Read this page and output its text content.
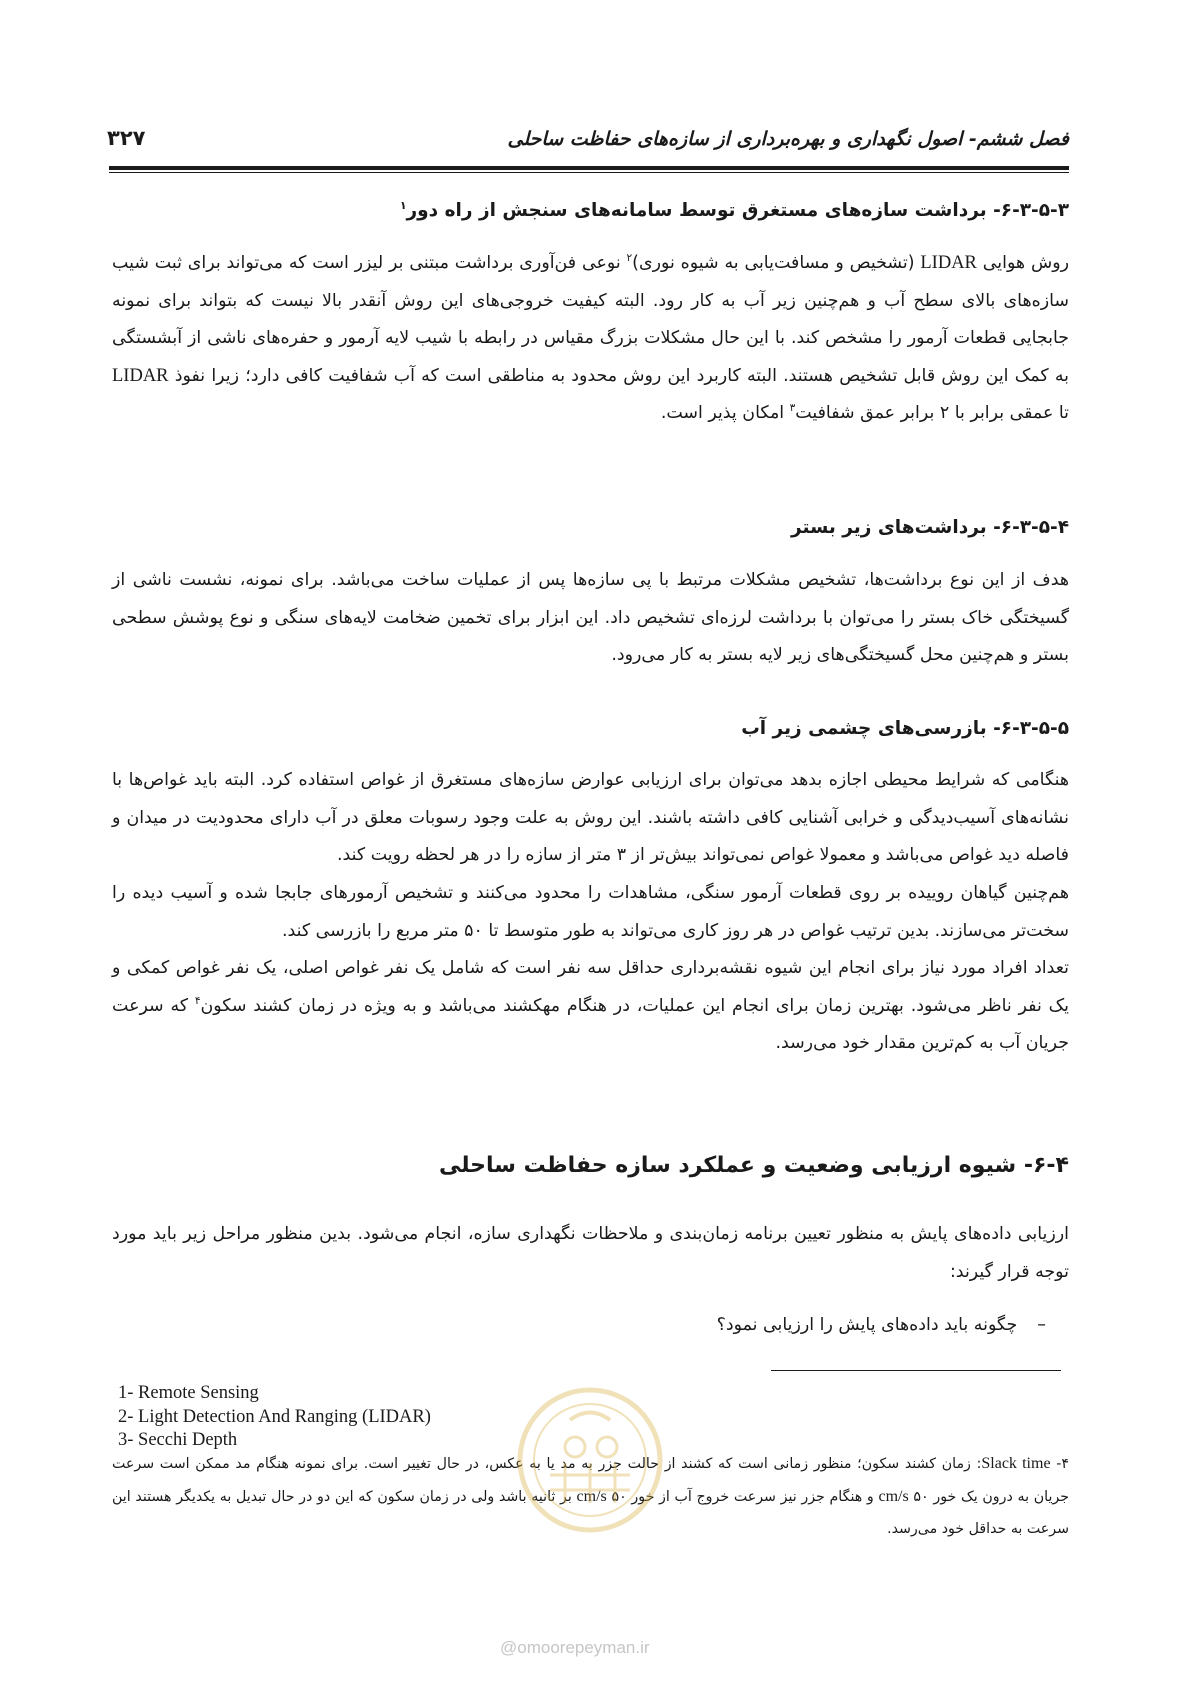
فصل ششم- اصول نگهداری و بهره‌برداری از سازه‌های حفاظت ساحلی
۳۲۷
۶-۳-۵-۳- برداشت سازه‌های مستغرق توسط سامانه‌های سنجش از راه دور$^۱$
روش هوایی LIDAR (تشخیص و مسافت‌یابی به شیوه نوری)$^۲$ نوعی فن‌آوری برداشت مبتنی بر لیزر است که می‌تواند برای ثبت شیب سازه‌های بالای سطح آب و هم‌چنین زیر آب به کار رود. البته کیفیت خروجی‌های این روش آنقدر بالا نیست که بتواند برای نمونه جابجایی قطعات آرمور را مشخص کند. با این حال مشکلات بزرگ مقیاس در رابطه با شیب لایه آرمور و حفره‌های ناشی از آبشستگی به کمک این روش قابل تشخیص هستند. البته کاربرد این روش محدود به مناطقی است که آب شفافیت کافی دارد؛ زیرا نفوذ LIDAR تا عمقی برابر با ۲ برابر عمق شفافیت$^۳$ امکان پذیر است.
۶-۳-۵-۴- برداشت‌های زیر بستر
هدف از این نوع برداشت‌ها، تشخیص مشکلات مرتبط با پی سازه‌ها پس از عملیات ساخت می‌باشد. برای نمونه، نشست ناشی از گسیختگی خاک بستر را می‌توان با برداشت لرزه‌ای تشخیص داد. این ابزار برای تخمین ضخامت لایه‌های سنگی و نوع پوشش سطحی بستر و هم‌چنین محل گسیختگی‌های زیر لایه بستر به کار می‌رود.
۶-۳-۵-۵- بازرسی‌های چشمی زیر آب
هنگامی که شرایط محیطی اجازه بدهد می‌توان برای ارزیابی عوارض سازه‌های مستغرق از غواص استفاده کرد. البته باید غواص‌ها با نشانه‌های آسیب‌دیدگی و خرابی آشنایی کافی داشته باشند. این روش به علت وجود رسوبات معلق در آب دارای محدودیت در میدان و فاصله دید غواص می‌باشد و معمولا غواص نمی‌تواند بیش‌تر از ۳ متر از سازه را در هر لحظه رویت کند.
هم‌چنین گیاهان روییده بر روی قطعات آرمور سنگی، مشاهدات را محدود می‌کنند و تشخیص آرمورهای جابجا شده و آسیب دیده را سخت‌تر می‌سازند. بدین ترتیب غواص در هر روز کاری می‌تواند به طور متوسط تا ۵۰ متر مربع را بازرسی کند.
تعداد افراد مورد نیاز برای انجام این شیوه نقشه‌برداری حداقل سه نفر است که شامل یک نفر غواص اصلی، یک نفر غواص کمکی و یک نفر ناظر می‌شود. بهترین زمان برای انجام این عملیات، در هنگام مهکشند می‌باشد و به ویژه در زمان کشند سکون$^۴$ که سرعت جریان آب به کم‌ترین مقدار خود می‌رسد.
۶-۴- شیوه ارزیابی وضعیت و عملکرد سازه حفاظت ساحلی
ارزیابی داده‌های پایش به منظور تعیین برنامه زمان‌بندی و ملاحظات نگهداری سازه، انجام می‌شود. بدین منظور مراحل زیر باید مورد توجه قرار گیرند:
–چگونه باید داده‌های پایش را ارزیابی نمود؟
1- Remote Sensing
2- Light Detection And Ranging (LIDAR)
3- Secchi Depth
۴- Slack time: زمان کشند سکون؛ منظور زمانی است که کشند از حالت جزر به مد یا به عکس، در حال تغییر است. برای نمونه هنگام مد ممکن است سرعت جریان به درون یک خور ۵۰ cm/s و هنگام جزر نیز سرعت خروج آب از خور ۵۰ cm/s بر ثانیه باشد ولی در زمان سکون که این دو در حال تبدیل به یکدیگر هستند این سرعت به حداقل خود می‌رسد.
@omoorepeyman.ir
